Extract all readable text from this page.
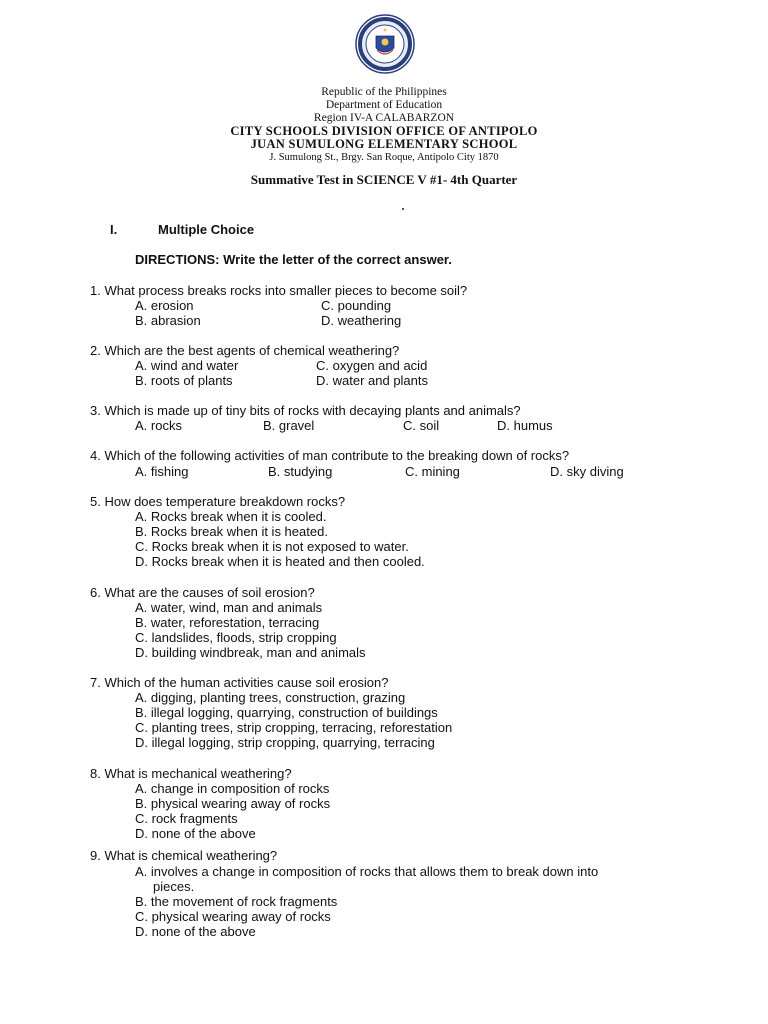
Republic of the Philippines
Department of Education
Region IV-A CALABARZON
CITY SCHOOLS DIVISION OFFICE OF ANTIPOLO
JUAN SUMULONG ELEMENTARY SCHOOL
J. Sumulong St., Brgy. San Roque, Antipolo City 1870
Summative Test in SCIENCE V #1- 4th Quarter
I.	Multiple Choice
DIRECTIONS: Write the letter of the correct answer.
1. What process breaks rocks into smaller pieces to become soil?
A. erosion	C. pounding
B. abrasion	D. weathering
2. Which are the best agents of chemical weathering?
A. wind and water	C. oxygen and acid
B. roots of plants	D. water and plants
3. Which is made up of tiny bits of rocks with decaying plants and animals?
A. rocks	B. gravel	C. soil	D. humus
4. Which of the following activities of man contribute to the breaking down of rocks?
A. fishing	B. studying	C. mining	D. sky diving
5. How does temperature breakdown rocks?
A. Rocks break when it is cooled.
B. Rocks break when it is heated.
C. Rocks break when it is not exposed to water.
D. Rocks break when it is heated and then cooled.
6. What are the causes of soil erosion?
A. water, wind, man and animals
B. water, reforestation, terracing
C. landslides, floods, strip cropping
D. building windbreak, man and animals
7. Which of the human activities cause soil erosion?
A. digging, planting trees, construction, grazing
B. illegal logging, quarrying, construction of buildings
C. planting trees, strip cropping, terracing, reforestation
D. illegal logging, strip cropping, quarrying, terracing
8. What is mechanical weathering?
A. change in composition of rocks
B. physical wearing away of rocks
C. rock fragments
D. none of the above
9. What is chemical weathering?
A. involves a change in composition of rocks that allows them to break down into
pieces.
B. the movement of rock fragments
C. physical wearing away of rocks
D. none of the above
